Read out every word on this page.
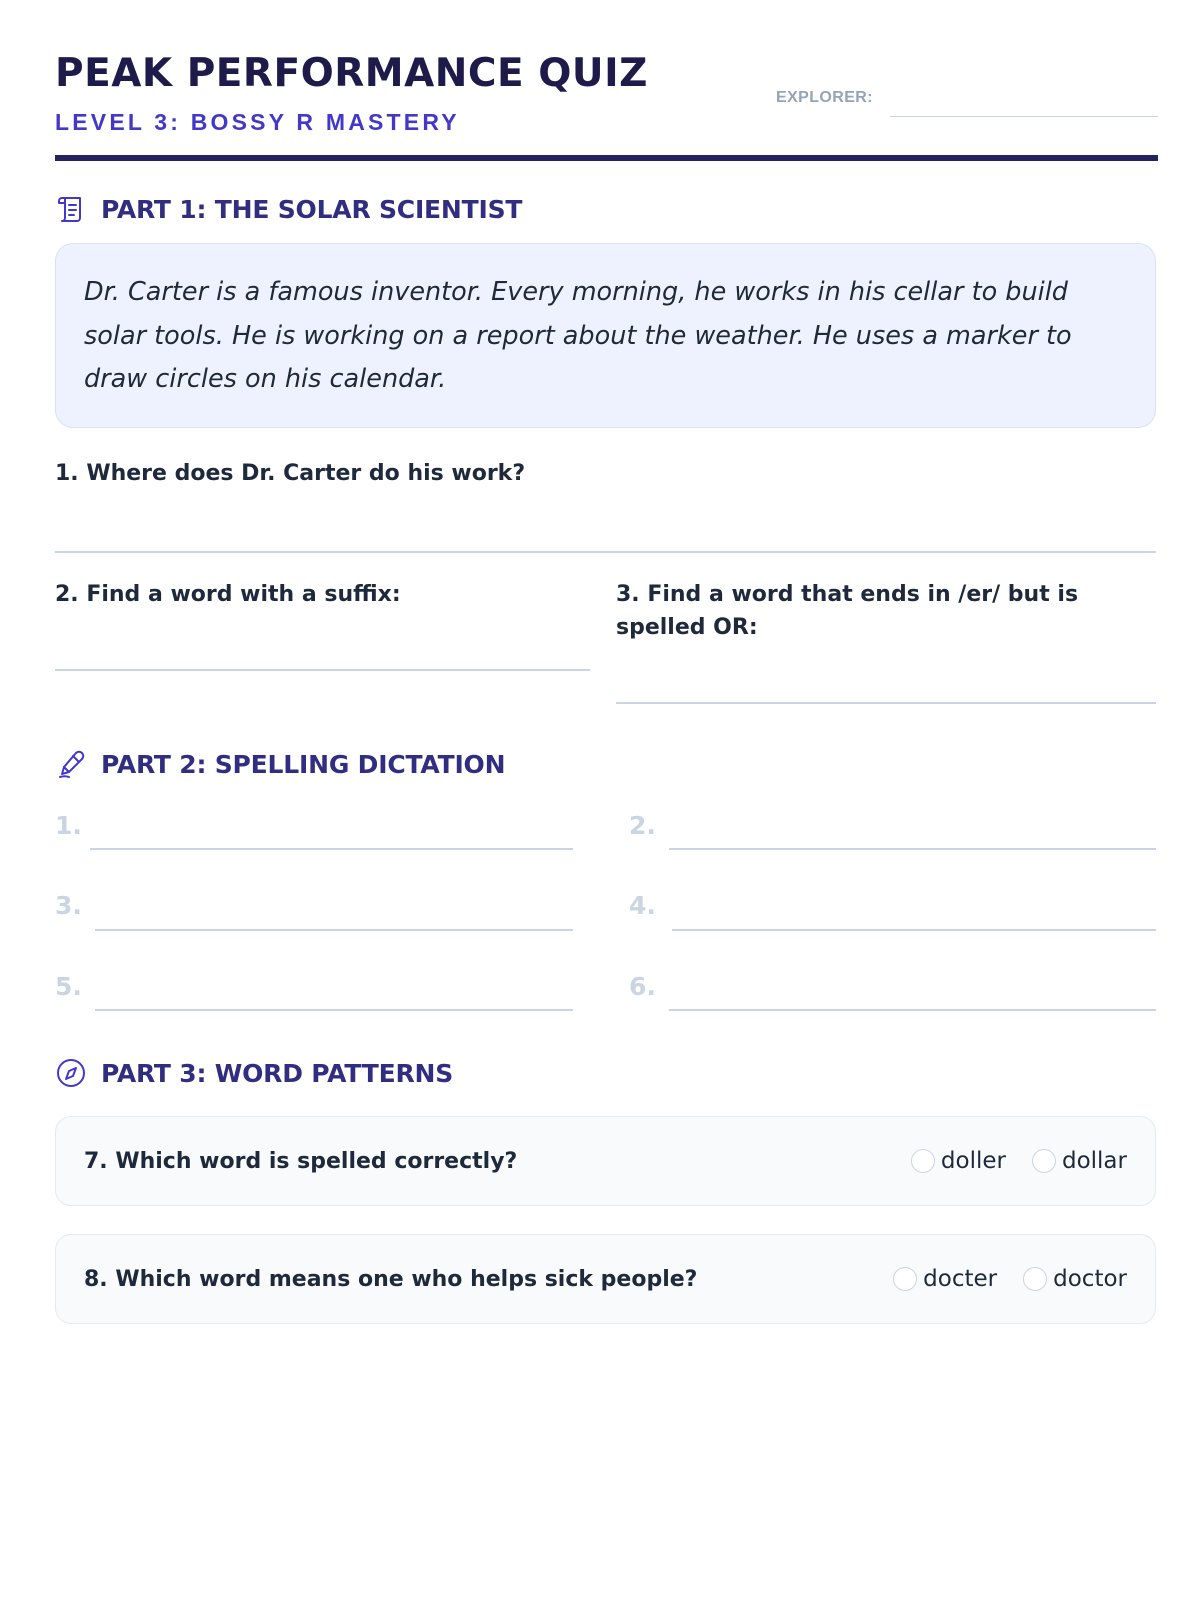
PEAK PERFORMANCE QUIZ
LEVEL 3: BOSSY R MASTERY
EXPLORER:
PART 1: THE SOLAR SCIENTIST

Dr. Carter is a famous inventor. Every morning, he works in his cellar to build solar tools. He is working on a report about the weather. He uses a marker to draw circles on his calendar.

1. Where does Dr. Carter do his work?
2. Find a word with a suffix:	3. Find a word that ends in /er/ but is spelled OR:
PART 2: SPELLING DICTATION
1.	2.
3.	4.
5.	6.
PART 3: WORD PATTERNS
7. Which word is spelled correctly?	doller dollar
8. Which word means one who helps sick people?	docter doctor
